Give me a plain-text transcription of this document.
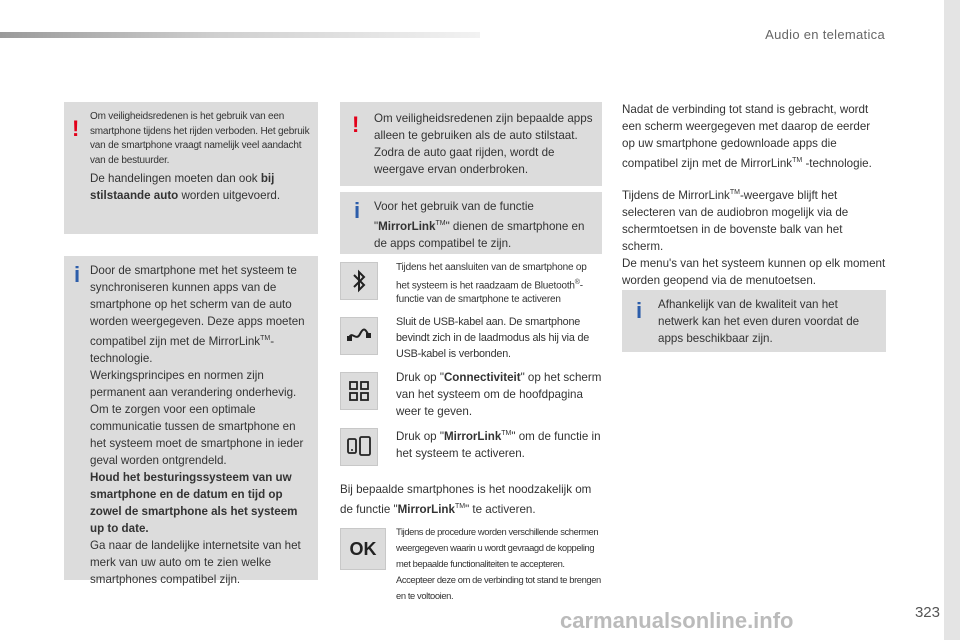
Audio en telematica
! Om veiligheidsredenen is het gebruik van een smartphone tijdens het rijden verboden. Het gebruik van de smartphone vraagt namelijk veel aandacht van de bestuurder.

De handelingen moeten dan ook bij stilstaande auto worden uitgevoerd.

i Door de smartphone met het systeem te synchroniseren kunnen apps van de smartphone op het scherm van de auto worden weergegeven. Deze apps moeten compatibel zijn met de MirrorLink™-technologie.

Werkingsprincipes en normen zijn permanent aan verandering onderhevig. Om te zorgen voor een optimale communicatie tussen de smartphone en het systeem moet de smartphone in ieder geval worden ontgrendeld.

Houd het besturingssysteem van uw smartphone en de datum en tijd op zowel de smartphone als het systeem up to date.

Ga naar de landelijke internetsite van het merk van uw auto om te zien welke smartphones compatibel zijn.

! Om veiligheidsredenen zijn bepaalde apps alleen te gebruiken als de auto stilstaat. Zodra de auto gaat rijden, wordt de weergave ervan onderbroken.

i Voor het gebruik van de functie "MirrorLink™" dienen de smartphone en de apps compatibel te zijn.

Tijdens het aansluiten van de smartphone op het systeem is het raadzaam de Bluetooth®-functie van de smartphone te activeren

Sluit de USB-kabel aan. De smartphone bevindt zich in de laadmodus als hij via de USB-kabel is verbonden.

Druk op "Connectiviteit" op het scherm van het systeem om de hoofdpagina weer te geven.

Druk op "MirrorLink™" om de functie in het systeem te activeren.

Bij bepaalde smartphones is het noodzakelijk om de functie "MirrorLink™" te activeren.

OK

Tijdens de procedure worden verschillende schermen weergegeven waarin u wordt gevraagd de koppeling met bepaalde functionaliteiten te accepteren. Accepteer deze om de verbinding tot stand te brengen en te voltooien.

Nadat de verbinding tot stand is gebracht, wordt een scherm weergegeven met daarop de eerder op uw smartphone gedownloade apps die compatibel zijn met de MirrorLink™ -technologie.

Tijdens de MirrorLink™-weergave blijft het selecteren van de audiobron mogelijk via de schermtoetsen in de bovenste balk van het scherm.

De menu's van het systeem kunnen op elk moment worden geopend via de menutoetsen.

i Afhankelijk van de kwaliteit van het netwerk kan het even duren voordat de apps beschikbaar zijn.

carmanualsonline.info	323
